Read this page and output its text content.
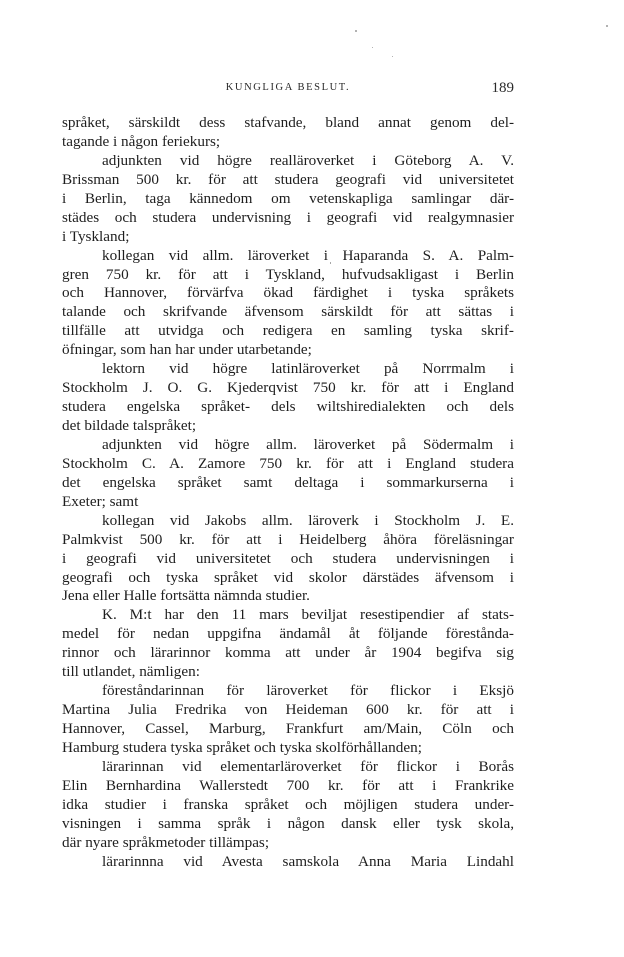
KUNGLIGA BESLUT.	189
språket, särskildt dess stafvande, bland annat genom del-
tagande i någon feriekurs;
adjunkten vid högre realläroverket i Göteborg A. V.
Brissman 500 kr. för att studera geografi vid universitetet
i Berlin, taga kännedom om vetenskapliga samlingar där-
städes och studera undervisning i geografi vid realgymnasier
i Tyskland;
kollegan vid allm. läroverket i Haparanda S. A. Palm-
gren 750 kr. för att i Tyskland, hufvudsakligast i Berlin
och Hannover, förvärfva ökad färdighet i tyska språkets
talande och skrifvande äfvensom särskildt för att sättas i
tillfälle att utvidga och redigera en samling tyska skrif-
öfningar, som han har under utarbetande;
lektorn vid högre latinläroverket på Norrmalm i
Stockholm J. O. G. Kjederqvist 750 kr. för att i England
studera engelska språket- dels wiltshiredialekten och dels
det bildade talspråket;
adjunkten vid högre allm. läroverket på Södermalm i
Stockholm C. A. Zamore 750 kr. för att i England studera
det engelska språket samt deltaga i sommarkurserna i
Exeter; samt
kollegan vid Jakobs allm. läroverk i Stockholm J. E.
Palmkvist 500 kr. för att i Heidelberg åhöra föreläsningar
i geografi vid universitetet och studera undervisningen i
geografi och tyska språket vid skolor därstädes äfvensom i
Jena eller Halle fortsätta nämnda studier.
K. M:t har den 11 mars beviljat resestipendier af stats-
medel för nedan uppgifna ändamål åt följande förestånda-
rinnor och lärarinnor komma att under år 1904 begifva sig
till utlandet, nämligen:
föreståndarinnan för läroverket för flickor i Eksjö
Martina Julia Fredrika von Heideman 600 kr. för att i
Hannover, Cassel, Marburg, Frankfurt am/Main, Cöln och
Hamburg studera tyska språket och tyska skolförhållanden;
lärarinnan vid elementarläroverket för flickor i Borås
Elin Bernhardina Wallerstedt 700 kr. för att i Frankrike
idka studier i franska språket och möjligen studera under-
visningen i samma språk i någon dansk eller tysk skola,
där nyare språkmetoder tillämpas;
lärarinnna vid Avesta samskola Anna Maria Lindahl
